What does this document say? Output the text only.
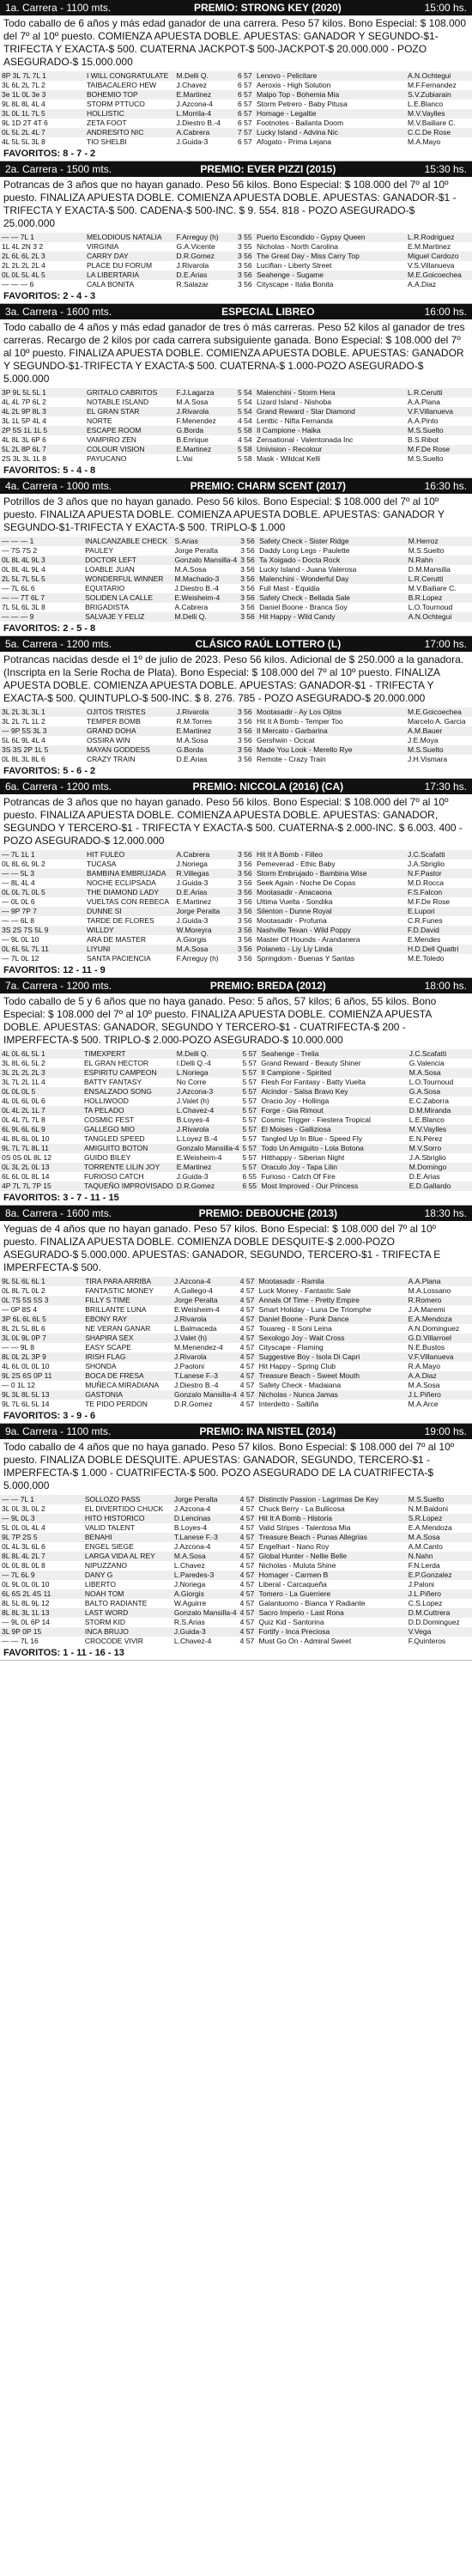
1a. Carrera - 1100 mts.	PREMIO: STRONG KEY (2020)	15:00 hs.
Todo caballo de 6 años y más edad ganador de una carrera. Peso 57 kilos. Bono Especial: $ 108.000 del 7º al 10º puesto. COMIENZA APUESTA DOBLE. APUESTAS: GANADOR Y SEGUNDO-$1-TRIFECTA Y EXACTA-$ 500. CUATERNA JACKPOT-$ 500-JACKPOT-$ 20.000.000 - POZO ASEGURADO-$ 15.000.000
8P 3L 7L 7L 1	I WILL CONGRATULATE	M.Delli Q.	6 57	Lenovo - Pelicitare	A.N.Ochtegui
3L 6L 2L 7L 2	TAIBACALERO HEW	J.Chavez	6 57	Aeroxis - High Solution	M.F.Fernandez
3e 1L 0L 3e 3	BOHEMIO TOP	E.Martinez	6 57	Malpo Top - Bohemia Mia	S.V.Zubiarain
9L 8L 8L 4L 4	STORM PTTUCO	J.Azcona-4	6 57	Storm Petrero - Baby Pitusa	L.E.Blanco
3L 0L 1L 7L 5	HOLLISTIC	L.Morrila-4	6 57	Homage - Legaltie	M.V.Vaylles
9L 1D 2T 4T 6	ZETA FOOT	J.Diestro B.-4	6 57	Footnotes - Bailanta Doom	M.V.Bailiare C.
0L 5L 2L 4L 7	ANDRESITO NIC	A.Cabrera	7 57	Lucky Island - Advina Nic	C.C.De Rose
4L 5L 5L 3L 8	TIO SHELBI	J.Guida-3	6 57	Afogato - Prima Lejana	M.A.Mayo
FAVORITOS: 8 - 7 - 2
2a. Carrera - 1500 mts.	PREMIO: EVER PIZZI (2015)	15:30 hs.
Potrancas de 3 años que no hayan ganado. Peso 56 kilos. Bono Especial: $ 108.000 del 7º al 10º puesto. FINALIZA APUESTA DOBLE. COMIENZA APUESTA DOBLE. APUESTAS: GANADOR-$1 - TRIFECTA Y EXACTA-$ 500. CADENA-$ 500-INC. $ 9. 554. 818 - POZO ASEGURADO-$ 25.000.000
— — 7L 1	MELODIOUS NATALIA	F.Arreguy (h)	3 55	Puerto Escondido - Gypsy Queen	L.R.Rodriguez
1L 4L 2N 3 2	VIRGINIA	G.A.Vicente	3 55	Nicholas - North Carolina	E.M.Martinez
2L 6L 6L 2L 3	CARRY DAY	D.R.Gomez	3 56	The Great Day - Miss Carry Top	Miguel Cardozo
2L 2L 2L 2L 4	PLACE DU FORUM	J.Rivarola	3 56	Luciflan - Liberty Street	V.S.Villanueva
0L 0L 5L 4L 5	LA LIBERTARIA	D.E.Arias	3 56	Seahenge - Sugame	M.E.Goicoechea
— — — 6	CALA BONITA	R.Salazar	3 56	Cityscape - Italia Bonita	A.A.Diaz
FAVORITOS: 2 - 4 - 3
3a. Carrera - 1600 mts.	ESPECIAL LIBREO	16:00 hs.
Todo caballo de 4 años y más edad ganador de tres ó más carreras. Peso 52 kilos al ganador de tres carreras. Recargo de 2 kilos por cada carrera subsiguiente ganada. Bono Especial: $ 108.000 del 7º al 10º puesto. FINALIZA APUESTA DOBLE. COMIENZA APUESTA DOBLE. APUESTAS: GANADOR Y SEGUNDO-$1-TRIFECTA Y EXACTA-$ 500. CUATERNA-$ 1.000-POZO ASEGURADO-$ 5.000.000
3P 9L 5L 5L 1	GRITALO CABRITOS	F.J.Lagarza	5 54	Malenchini - Storm Hera	L.R.Cerutti
4L 4L 7P 6L 2	NOTABLE ISLAND	M.A.Sosa	5 54	Lizard Island - Nishoba	A.A.Plana
4L 2L 9P 8L 3	EL GRAN STAR	J.Rivarola	5 54	Grand Reward - Star Diamond	V.F.Villanueva
3L 1L 5P 4L 4	NORTE	F.Menendez	4 54	Lenttic - Nifta Fernanda	A.A.Pinto
2P 5S 1L 1L 5	ESCAPE ROOM	G.Borda	5 58	Il Campione - Haika	M.S.Suelto
4L 8L 3L 6P 6	VAMPIRO ZEN	B.Enrique	4 54	Zensational - Valentonada Inc	B.S.Ribot
5L 2L 8P 6L 7	COLOUR VISION	E.Martinez	5 58	Univision - Recolour	M.F.De Rose
2S 3L 3L 1L 8	PAYUCANO	L.Vai	5 58	Mask - Wildcat Kelli	M.S.Suelto
FAVORITOS: 5 - 4 - 8
4a. Carrera - 1000 mts.	PREMIO: CHARM SCENT (2017)	16:30 hs.
Potrillos de 3 años que no hayan ganado. Peso 56 kilos. Bono Especial: $ 108.000 del 7º al 10º puesto. FINALIZA APUESTA DOBLE. COMIENZA APUESTA DOBLE. APUESTAS: GANADOR Y SEGUNDO-$1-TRIFECTA Y EXACTA-$ 500. TRIPLO-$ 1.000
— — — 1	INALCANZABLE CHECK	S.Arias	3 56	Safety Check - Sister Ridge	M.Herroz
— 7S 7S 2	PAULEY	Jorge Peralta	3 56	Daddy Long Legs - Paulette	M.S.Suelto
0L 8L 4L 9L 3	DOCTOR LEFT	Gonzalo Mansilla-4	3 56	Ta Xoigado - Docta Rock	N.Rahn
0L 8L 4L 9L 4	LOABLE JUAN	M.A.Sosa	3 56	Lucky Island - Juana Valerosa	D.M.Mansilla
2L 5L 7L 5L 5	WONDERFUL WINNER	M.Machado-3	3 56	Malenchini - Wonderful Day	L.R.Cerutti
— 7L 6L 6	EQUITARIO	J.Diestro B.-4	3 56	Full Mast - Equidia	M.V.Bailiare C.
— — 7T 6L 7	SOLIDEN LA CALLE	E.Weisheim-4	3 56	Safety Check - Bellada Sale	B.R.Lopez
7L 5L 6L 3L 8	BRIGADISTA	A.Cabrera	3 56	Daniel Boone - Branca Soy	L.O.Tournoud
— — — 9	SALVAJE Y FELIZ	M.Delli Q.	3 56	Hit Happy - Wild Candy	A.N.Ochtegui
FAVORITOS: 2 - 5 - 8
5a. Carrera - 1200 mts.	CLÁSICO RAÚL LOTTERO (L)	17:00 hs.
Potrancas nacidas desde el 1º de julio de 2023. Peso 56 kilos. Adicional de $ 250.000 a la ganadora. (Inscripta en la Serie Rocha de Plata). Bono Especial: $ 108.000 del 7º al 10º puesto. FINALIZA APUESTA DOBLE. COMIENZA APUESTA DOBLE. APUESTAS: GANADOR-$1 - TRIFECTA Y EXACTA-$ 500. QUINTUPLO-$ 500-INC. $ 8. 276. 785 - POZO ASEGURADO-$ 20.000.000
3L 2L 3L 3L 1	OJITOS TRISTES	J.Rivarola	3 56	Mootasadir - Ay Los Ojitos	M.E.Goicoechea
3L 2L 7L 1L 2	TEMPER BOMB	R.M.Torres	3 56	Hit It A Bomb - Temper Too	Marcelo A. Garcia
— 9P 5S 3L 3	GRAND DOHA	E.Martinez	3 56	Il Mercato - Garbarina	A.M.Bauer
5L 6L 9L 4L 4	OSSIRA WIN	M.A.Sosa	3 56	Gershwin - Ocicat	J.E.Moya
3S 3S 2P 1L 5	MAYAN GODDESS	G.Borda	3 56	Made You Look - Merello Rye	M.S.Suelto
0L 8L 3L 8L 6	CRAZY TRAIN	D.E.Arias	3 56	Remote - Crazy Train	J.H.Vismara
FAVORITOS: 5 - 6 - 2
6a. Carrera - 1200 mts.	PREMIO: NICCOLA (2016) (CA)	17:30 hs.
Potrancas de 3 años que no hayan ganado. Peso 56 kilos. Bono Especial: $ 108.000 del 7º al 10º puesto. FINALIZA APUESTA DOBLE. COMIENZA APUESTA DOBLE. APUESTAS: GANADOR, SEGUNDO Y TERCERO-$1 - TRIFECTA Y EXACTA-$ 500. CUATERNA-$ 2.000-INC. $ 6.003. 400 - POZO ASEGURADO-$ 12.000.000
— 7L 1L 1	HIT FULEO	A.Cabrera	3 56	Hit It A Bomb - Filleo	J.C.Scafatti
0L 8L 6L 9L 2	TUCASA	J.Noriega	3 56	Pemeverad - Ethic Baby	J.A.Sbriglio
— — 5L 3	BAMBINA EMBRUJADA	R.Villegas	3 56	Storm Embrujado - Bambina Wise	N.F.Pastor
— 8L 4L 4	NOCHE ECLIPSADA	J.Guida-3	3 56	Seek Again - Noche De Copas	M.D.Rocca
0L 0L 7L 0L 5	THE DIAMOND LADY	D.E.Arias	3 56	Mootasadir - Anacaona	F.S.Falcon
— 0L 0L 6	VUELTAS CON REBECA	E.Martinez	3 56	Ultima Vuelta - Sondika	M.F.De Rose
— 9P 7P 7	DUNNE SI	Jorge Peralta	3 56	Silenton - Dunne Royal	E.Lupori
— — 6L 8	TARDE DE FLORES	J.Guida-3	3 56	Mootasadir - Profuma	C.R.Funes
3S 2S 7S 5L 9	WILLDY	W.Moreyra	3 56	Nashville Texan - Wild Poppy	F.D.David
— 9L 0L 10	ARA DE MASTER	A.Giorgis	3 56	Master Of Hounds - Arandanera	E.Mendes
0L 6L 5L 7L 11	LIYUNI	M.A.Sosa	3 56	Polaneto - Liy Liy Linda	H.D.Dell Quattri
— 7L 0L 12	SANTA PACIENCIA	F.Arreguy (h)	3 56	Springdom - Buenas Y Santas	M.E.Toledo
FAVORITOS: 12 - 11 - 9
7a. Carrera - 1200 mts.	PREMIO: BREDA (2012)	18:00 hs.
Todo caballo de 5 y 6 años que no haya ganado. Peso: 5 años, 57 kilos; 6 años, 55 kilos. Bono Especial: $ 108.000 del 7º al 10º puesto. FINALIZA APUESTA DOBLE. COMIENZA APUESTA DOBLE. APUESTAS: GANADOR, SEGUNDO Y TERCERO-$1 - CUATRIFECTA-$ 200 - IMPERFECTA-$ 500. TRIPLO-$ 2.000-POZO ASEGURADO-$ 10.000.000
4L 0L 6L 5L 1	TIMEXPERT	M.Delli Q.	5 57	Seahenge - Trelia	J.C.Scafatti
3L 8L 6L 5L 2	EL GRAN HECTOR	I.Delli Q.-4	5 57	Grand Reward - Beauty Shiner	G.Valencia
3L 2L 2L 2L 3	ESPIRITU CAMPEON	L.Noriega	5 57	Il Campione - Spirited	M.A.Sosa
3L 7L 2L 1L 4	BATTY FANTASY	No Corre	5 57	Flesh For Fantasy - Batty Vuelta	L.O.Tournoud
0L 0L 0L 5	ENSALZADO SONG	J.Azcona-3	5 57	Alcindor - Salsa Bravo Key	G.A.Sosa
4L 0L 6L 0L 6	HOLLIWOOD	J.Valet (h)	5 57	Oracio Joy - Hollinga	E.C.Zaborra
0L 4L 2L 1L 7	TA PELADO	L.Chavez-4	5 57	Forge - Gia Rimout	D.M.Miranda
0L 4L 7L 7L 8	COSMIC FEST	B.Loyes-4	5 57	Cosmic Trigger - Fiestera Tropical	L.E.Blanco
6L 9L 6L 6L 9	GALLEGO MIO	J.Rivarola	5 57	El Moises - Galliziosa	M.V.Vaylles
4L 8L 6L 0L 10	TANGLED SPEED	L.Loyez B.-4	5 57	Tangled Up In Blue - Speed Fly	E.N.Pérez
9L 7L 7L 8L 11	AMIGUITO BOTON	Gonzalo Mansilla-4	5 57	Todo Un Amiguito - Lola Botona	M.V.Sorro
0S 0S 0L 8L 12	GUIDO BILEY	E.Weisheim-4	5 57	Hitthappy - Siberian Night	J.A.Sbriglio
0L 3L 2L 0L 13	TORRENTE LILIN JOY	E.Martinez	5 57	Oraculo Joy - Tapa Lilin	M.Domingo
6L 6L 0L 8L 14	FURIOSO CATCH	J.Guida-3	6 55	Furioso - Catch Of Fire	D.E.Arias
4P 7L 7L 7P 15	TAQUEÑO IMPROVISADO	D.R.Gomez	6 55	Most Improved - Our Princess	E.D.Gallardo
FAVORITOS: 3 - 7 - 11 - 15
8a. Carrera - 1600 mts.	PREMIO: DEBOUCHE (2013)	18:30 hs.
Yeguas de 4 años que no hayan ganado. Peso 57 kilos. Bono Especial: $ 108.000 del 7º al 10º puesto. FINALIZA APUESTA DOBLE. COMIENZA DOBLE DESQUITE-$ 2.000-POZO ASEGURADO-$ 5.000.000. APUESTAS: GANADOR, SEGUNDO, TERCERO-$1 - TRIFECTA E IMPERFECTA-$ 500.
9L 5L 6L 6L 1	TIRA PARA ARRIBA	J.Azcona-4	4 57	Mootasadir - Ramila	A.A.Plana
0L 8L 7L 0L 2	FANTASTIC MONEY	A.Gallego-4	4 57	Luck Money - Fantastic Sale	M.A.Lossano
0L 7S 5S 5S 3	FILLY S TIME	Jorge Peralta	4 57	Annals Of Time - Pretty Empire	R.Romero
— 0P 8S 4	BRILLANTE LUNA	E.Weisheim-4	4 57	Smart Holiday - Luna De Triomphe	J.A.Maremi
3P 6L 6L 6L 5	EBONY RAY	J.Rivarola	4 57	Daniel Boone - Punk Dance	E.A.Mendoza
8L 2L 5L 8L 6	NE VERAN GANAR	L.Balmaceda	4 57	Touareg - Il Soni Leina	A.N.Dominguez
3L 0L 9L 0P 7	SHAPIRA SEX	J.Valet (h)	4 57	Sexologo Joy - Wait Cross	G.D.Villarroel
— — 9L 8	EASY SCAPE	M.Menendez-4	4 57	Cityscape - Flaming	N.E.Bustos
8L 0L 2L 3P 9	IRISH FLAG	J.Rivarola	4 57	Suggestive Boy - Isola Di Capri	V.F.Villanueva
4L 6L 0L 0L 10	SHONDA	J.Paoloni	4 57	Hit Happy - Spring Club	R.A.Mayo
9L 2S 6S 0P 11	BOCA DE FRESA	T.Lanese F.-3	4 57	Treasure Beach - Sweet Mouth	A.A.Diaz
— 0 1L 12	MUÑECA MIRADIANA	J.Diestro B.-4	4 57	Safety Check - Madaiana	M.A.Sosa
9L 3L 8L 5L 13	GASTONIA	Gonzalo Mansilla-4	4 57	Nicholas - Nunca Jamas	J.L.Piñero
9L 7L 6L 5L 14	TE PIDO PERDON	D.R.Gomez	4 57	Interdetto - Saltiña	M.A.Arce
FAVORITOS: 3 - 9 - 6
9a. Carrera - 1100 mts.	PREMIO: INA NISTEL (2014)	19:00 hs.
Todo caballo de 4 años que no haya ganado. Peso 57 kilos. Bono Especial: $ 108.000 del 7º al 10º puesto. FINALIZA DOBLE DESQUITE. APUESTAS: GANADOR, SEGUNDO, TERCERO-$1 - IMPERFECTA-$ 1.000 - CUATRIFECTA-$ 500. POZO ASEGURADO DE LA CUATRIFECTA-$ 5.000.000
— — 7L 1	SOLLOZO PASS	Jorge Peralta	4 57	Distinctiv Passion - Lagrimas De Key	M.S.Suelto
3L 0L 3L 0L 2	EL DIVERTIDO CHUCK	J.Azcona-4	4 57	Chuck Berry - La Bullicosa	N.M.Baldoni
— 9L 0L 3	HITO HISTORICO	D.Lencinas	4 57	Hit It A Bomb - Historia	S.R.Lopez
5L 0L 0L 4L 4	VALID TALENT	B.Loyes-4	4 57	Valid Stripes - Talentosa Mia	E.A.Mendoza
9L 7P 2S 5	BENAHI	T.Lanese F.-3	4 57	Treasure Beach - Punas Allegrias	M.A.Sosa
0L 4L 3L 6L 6	ENGEL SIEGE	J.Azcona-4	4 57	Engelhart - Nano Roy	A.M.Canto
8L 8L 4L 2L 7	LARGA VIDA AL REY	M.A.Sosa	4 57	Global Hunter - Nellie Belle	N.Nahn
0L 0L 8L 0L 8	NIPUZZANO	L.Chavez	4 57	Nicholas - Muluta Shine	F.N.Lerda
— 7L 6L 9	DANY G	L.Paredes-3	4 57	Homager - Carmen B	E.P.Gonzalez
0L 9L 0L 0L 10	LIBERTO	J.Noriega	4 57	Liberal - Carcaqueña	J.Paloni
6L 6S 2L 4S 11	NOAH TOM	A.Giorgis	4 57	Tomero - La Guerriere	J.L.Piñero
8L 5L 8L 9L 12	BALTO RADIANTE	W.Aguirre	4 57	Galantuomo - Bianca Y Radiante	C.S.Lopez
8L 8L 3L 1L 13	LAST WORD	Gonzalo Mansilla-4	4 57	Sacro Imperio - Last Rona	D.M.Cuttrera
— 9L 0L 6P 14	STORM KID	R.S.Arias	4 57	Quiz Kid - Santorina	D.D.Dominguez
3L 9P 0P 15	INCA BRUJO	J.Guida-3	4 57	Fortify - Inca Preciosa	V.Vega
— — 7L 16	CROCODE VIVIR	L.Chavez-4	4 57	Must Go On - Admiral Sweet	F.Quinteros
FAVORITOS: 1 - 11 - 16 - 13
